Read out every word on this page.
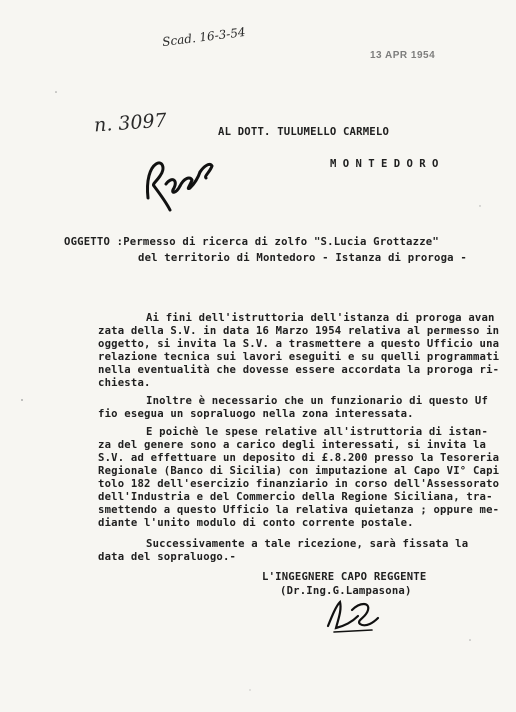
Scad. 16-3-54

13 APR 1954

n. 3097	AL DOTT. TULUMELLO CARMELO

M O N T E D O R O

OGGETTO :Permesso di ricerca di zolfo "S.Lucia Grottazze"

del territorio di Montedoro - Istanza di proroga -

Ai fini dell'istruttoria dell'istanza di proroga avan

zata della S.V. in data 16 Marzo 1954 relativa al permesso in

oggetto, si invita la S.V. a trasmettere a questo Ufficio una

relazione tecnica sui lavori eseguiti e su quelli programmati

nella eventualità che dovesse essere accordata la proroga ri-

chiesta.

Inoltre è necessario che un funzionario di questo Uf

fio esegua un sopraluogo nella zona interessata.

E poichè le spese relative all'istruttoria di istan-

za del genere sono a carico degli interessati, si invita la

S.V. ad effettuare un deposito di £.8.200 presso la Tesoreria

Regionale (Banco di Sicilia) con imputazione al Capo VI° Capi

tolo 182 dell'esercizio finanziario in corso dell'Assessorato

dell'Industria e del Commercio della Regione Siciliana, tra-

smettendo a questo Ufficio la relativa quietanza ; oppure me-

diante l'unito modulo di conto corrente postale.

Successivamente a tale ricezione, sarà fissata la

data del sopraluogo.-

L'INGEGNERE CAPO REGGENTE

(Dr.Ing.G.Lampasona)
